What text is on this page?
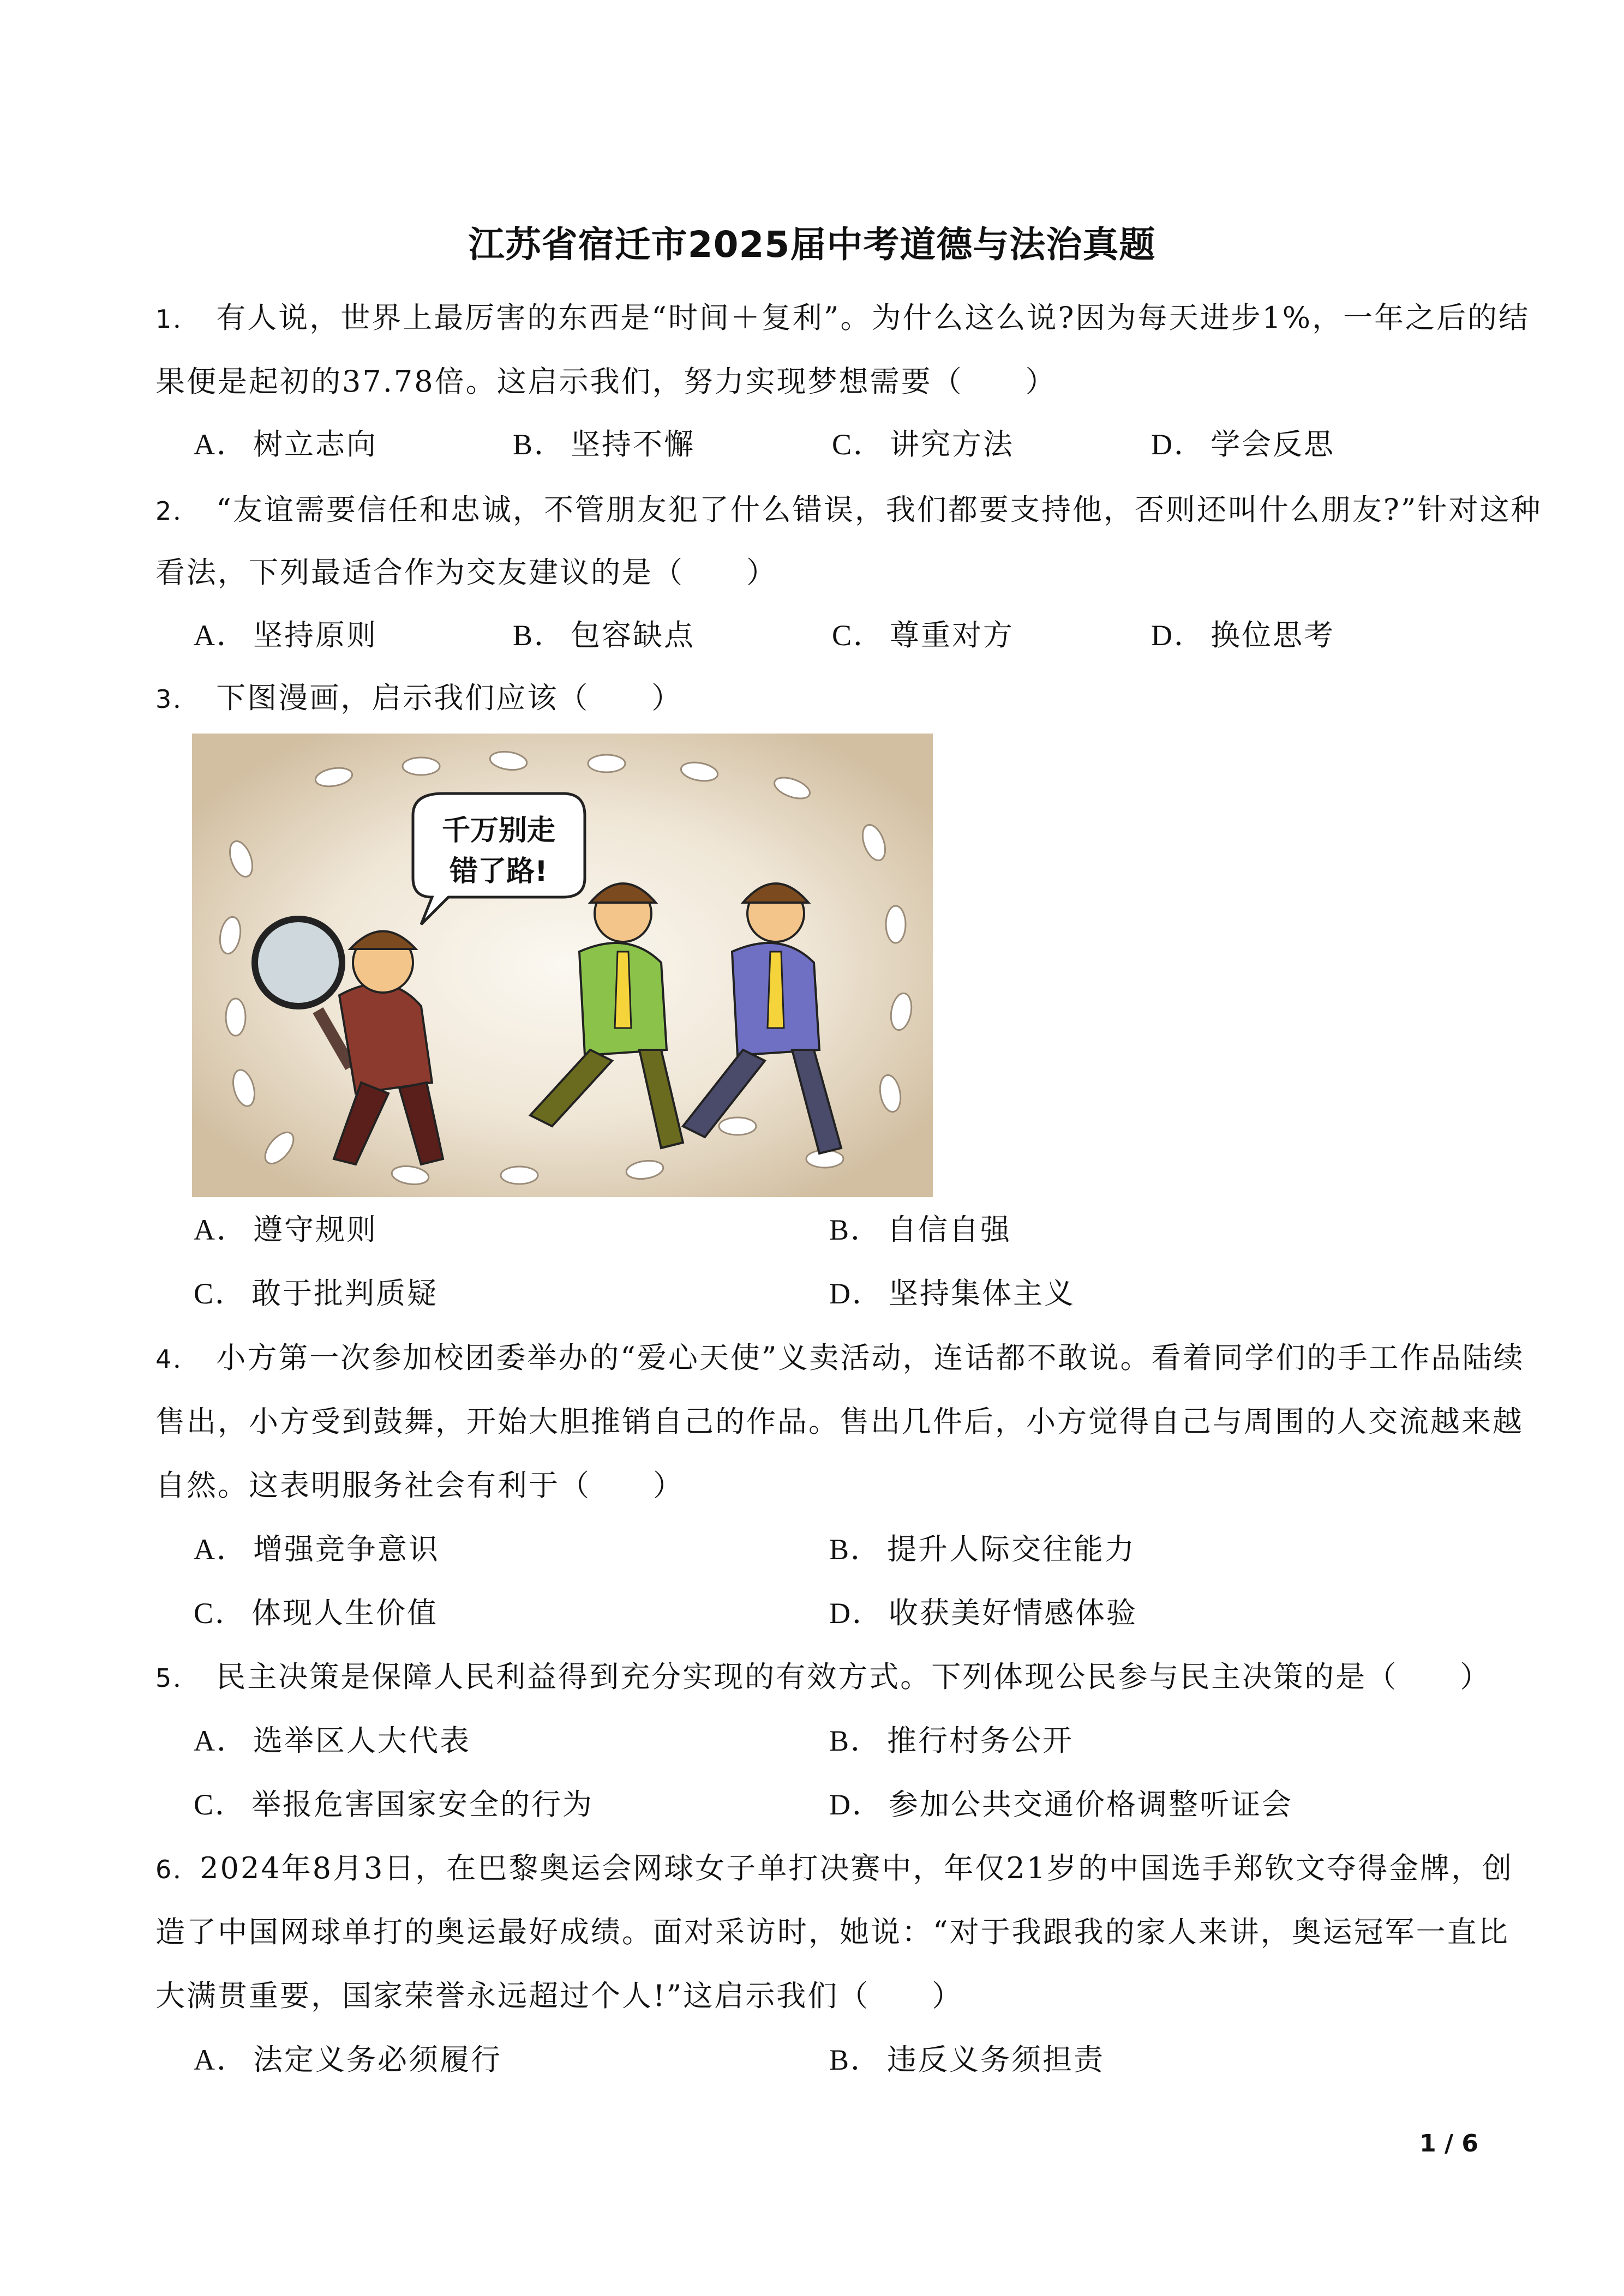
江苏省宿迁市2025届中考道德与法治真题
1．  有人说，世界上最厉害的东西是“时间＋复利”。为什么这么说?因为每天进步1%，一年之后的结
果便是起初的37.78倍。这启示我们，努力实现梦想需要（　　）
A． 树立志向	B． 坚持不懈	C． 讲究方法	D． 学会反思
2．  “友谊需要信任和忠诚，不管朋友犯了什么错误，我们都要支持他，否则还叫什么朋友?”针对这种
看法，下列最适合作为交友建议的是（　　）
A． 坚持原则	B． 包容缺点	C． 尊重对方	D． 换位思考
3．  下图漫画，启示我们应该（　　）
千万别走
错了路!
A． 遵守规则	B． 自信自强
C． 敢于批判质疑	D． 坚持集体主义
4．  小方第一次参加校团委举办的“爱心天使”义卖活动，连话都不敢说。看着同学们的手工作品陆续
售出，小方受到鼓舞，开始大胆推销自己的作品。售出几件后，小方觉得自己与周围的人交流越来越
自然。这表明服务社会有利于（　　）
A． 增强竞争意识	B． 提升人际交往能力
C． 体现人生价值	D． 收获美好情感体验
5．  民主决策是保障人民利益得到充分实现的有效方式。下列体现公民参与民主决策的是（　　）
A． 选举区人大代表	B． 推行村务公开
C． 举报危害国家安全的行为	D． 参加公共交通价格调整听证会
6．2024年8月3日，在巴黎奥运会网球女子单打决赛中，年仅21岁的中国选手郑钦文夺得金牌，创
造了中国网球单打的奥运最好成绩。面对采访时，她说：“对于我跟我的家人来讲，奥运冠军一直比
大满贯重要，国家荣誉永远超过个人!”这启示我们（　　）
A． 法定义务必须履行	B． 违反义务须担责
1 / 6
